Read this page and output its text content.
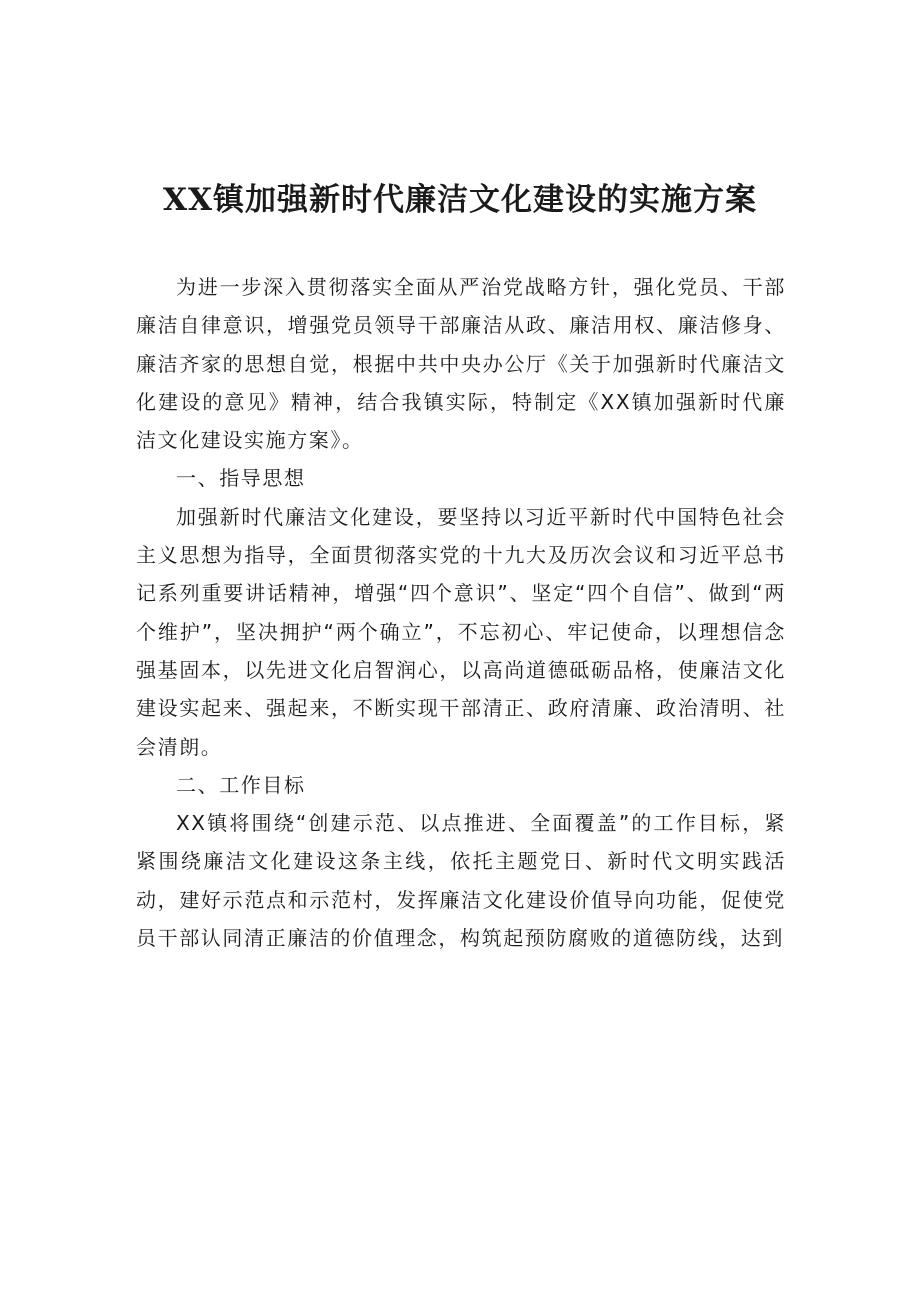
XX镇加强新时代廉洁文化建设的实施方案

为进一步深入贯彻落实全面从严治党战略方针，强化党员、干部廉洁自律意识，增强党员领导干部廉洁从政、廉洁用权、廉洁修身、廉洁齐家的思想自觉，根据中共中央办公厅《关于加强新时代廉洁文化建设的意见》精神，结合我镇实际，特制定《XX镇加强新时代廉洁文化建设实施方案》。

一、指导思想

加强新时代廉洁文化建设，要坚持以习近平新时代中国特色社会主义思想为指导，全面贯彻落实党的十九大及历次会议和习近平总书记系列重要讲话精神，增强“四个意识”、坚定“四个自信”、做到“两个维护”，坚决拥护“两个确立”，不忘初心、牢记使命，以理想信念强基固本，以先进文化启智润心，以高尚道德砥砺品格，使廉洁文化建设实起来、强起来，不断实现干部清正、政府清廉、政治清明、社会清朗。

二、工作目标

XX镇将围绕“创建示范、以点推进、全面覆盖”的工作目标，紧紧围绕廉洁文化建设这条主线，依托主题党日、新时代文明实践活动，建好示范点和示范村，发挥廉洁文化建设价值导向功能，促使党员干部认同清正廉洁的价值理念，构筑起预防腐败的道德防线，达到
